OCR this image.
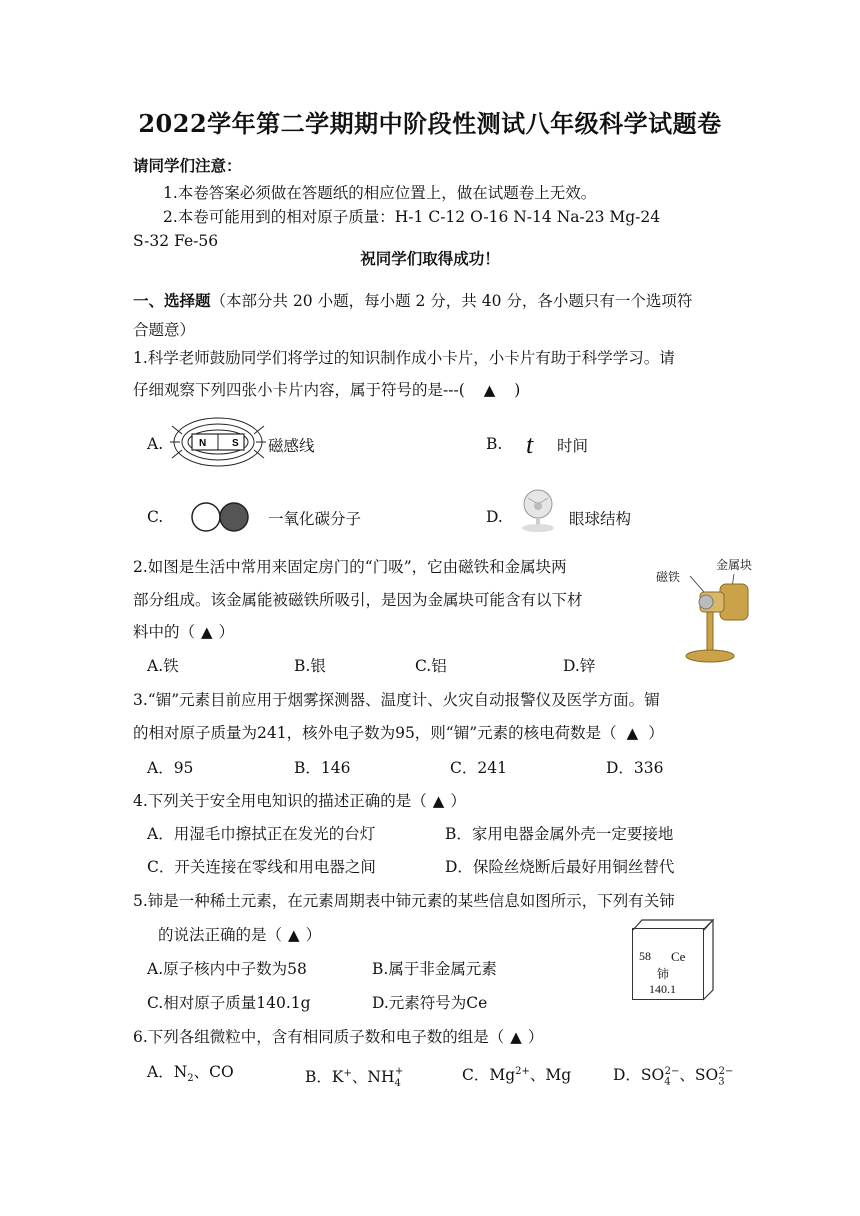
2022学年第二学期期中阶段性测试八年级科学试题卷
请同学们注意：
1.本卷答案必须做在答题纸的相应位置上，做在试题卷上无效。
2.本卷可能用到的相对原子质量：H-1 C-12 O-16 N-14 Na-23 Mg-24
S-32 Fe-56
祝同学们取得成功！
一、选择题（本部分共 20 小题，每小题 2 分，共 40 分，各小题只有一个选项符
合题意）
1.科学老师鼓励同学们将学过的知识制作成小卡片，小卡片有助于科学学习。请
仔细观察下列四张小卡片内容，属于符号的是---( ▲ )
A.	N	S 磁感线	B. t 时间
C.	一氧化碳分子	D.	眼球结构
2.如图是生活中常用来固定房门的“门吸”，它由磁铁和金属块两
部分组成。该金属能被磁铁所吸引，是因为金属块可能含有以下材
料中的（ ▲ ）
磁铁
金属块
A.铁	B.银	C.铝	D.锌
3.“镅”元素目前应用于烟雾探测器、温度计、火灾自动报警仪及医学方面。镅
的相对原子质量为241，核外电子数为95，则“镅”元素的核电荷数是（ ▲ ）
A．95	B．146	C．241	D．336
4.下列关于安全用电知识的描述正确的是（ ▲ ）
A．用湿毛巾擦拭正在发光的台灯	B．家用电器金属外壳一定要接地
C．开关连接在零线和用电器之间	D．保险丝烧断后最好用铜丝替代
5.铈是一种稀土元素，在元素周期表中铈元素的某些信息如图所示，下列有关铈
的说法正确的是（ ▲ ）
A.原子核内中子数为58	B.属于非金属元素
C.相对原子质量140.1g	D.元素符号为Ce
58 Ce
铈
140.1
6.下列各组微粒中，含有相同质子数和电子数的组是（ ▲ ）
A．$N_2$、CO	B．K+、$NH_4^+$	C．$Mg^{2+}$、Mg	D．$SO_4^{2-}$、$SO_3^{2-}$
